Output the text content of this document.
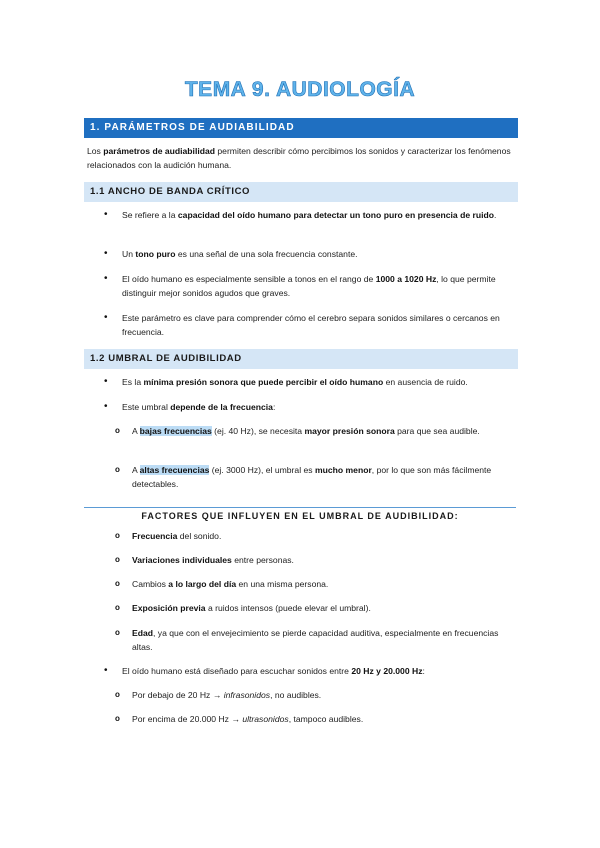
TEMA 9. AUDIOLOGÍA
1. PARÁMETROS DE AUDIABILIDAD
Los parámetros de audiabilidad permiten describir cómo percibimos los sonidos y caracterizar los fenómenos relacionados con la audición humana.
1.1 ANCHO DE BANDA CRÍTICO
• Se refiere a la capacidad del oído humano para detectar un tono puro en presencia de ruido.
• Un tono puro es una señal de una sola frecuencia constante.
• El oído humano es especialmente sensible a tonos en el rango de 1000 a 1020 Hz, lo que permite distinguir mejor sonidos agudos que graves.
• Este parámetro es clave para comprender cómo el cerebro separa sonidos similares o cercanos en frecuencia.
1.2 UMBRAL DE AUDIBILIDAD
• Es la mínima presión sonora que puede percibir el oído humano en ausencia de ruido.
• Este umbral depende de la frecuencia:
o A bajas frecuencias (ej. 40 Hz), se necesita mayor presión sonora para que sea audible.
o A altas frecuencias (ej. 3000 Hz), el umbral es mucho menor, por lo que son más fácilmente detectables.
FACTORES QUE INFLUYEN EN EL UMBRAL DE AUDIBILIDAD:
o Frecuencia del sonido.
o Variaciones individuales entre personas.
o Cambios a lo largo del día en una misma persona.
o Exposición previa a ruidos intensos (puede elevar el umbral).
o Edad, ya que con el envejecimiento se pierde capacidad auditiva, especialmente en frecuencias altas.
• El oído humano está diseñado para escuchar sonidos entre 20 Hz y 20.000 Hz:
o Por debajo de 20 Hz → infrasonidos, no audibles.
o Por encima de 20.000 Hz → ultrasonidos, tampoco audibles.
